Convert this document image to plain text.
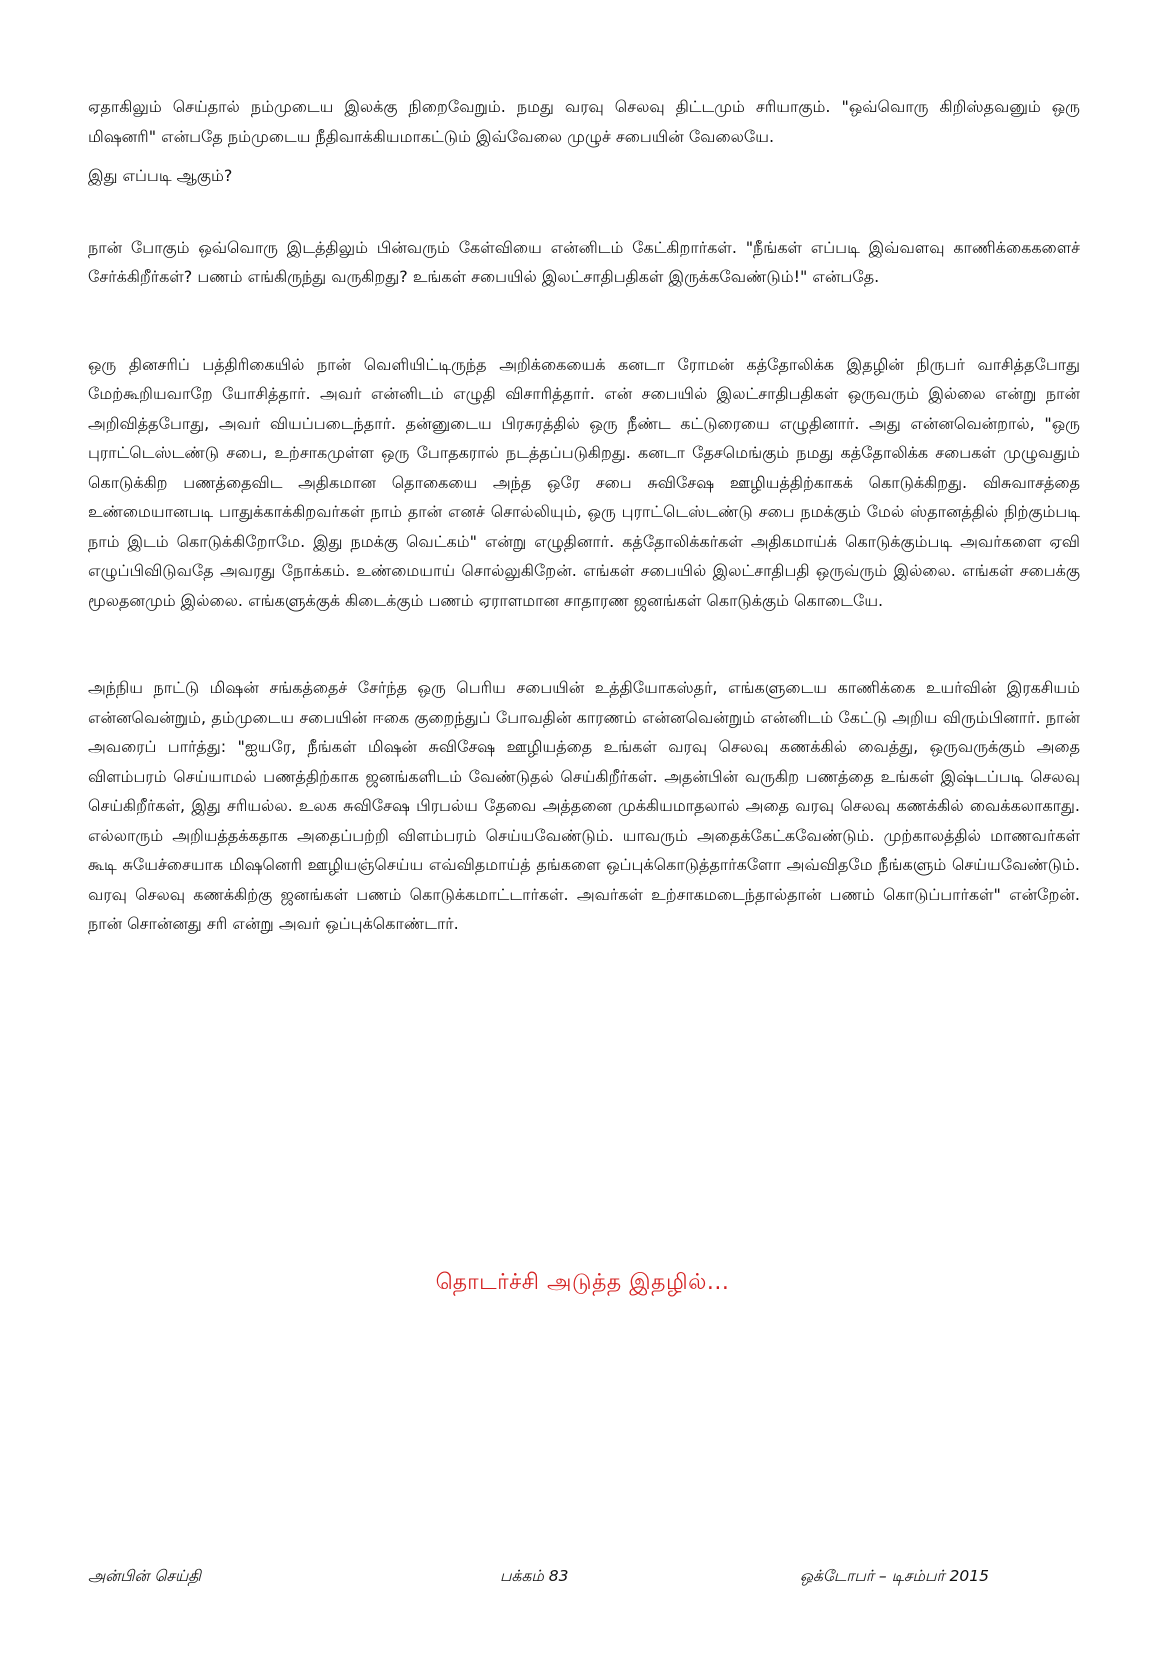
ஏதாகிலும் செய்தால் நம்முடைய இலக்கு நிறைவேறும். நமது வரவு செலவு திட்டமும் சரியாகும். "ஒவ்வொரு கிறிஸ்தவனும் ஒரு மிஷனரி" என்பதே நம்முடைய நீதிவாக்கியமாகட்டும் இவ்வேலை முழுச் சபையின் வேலையே.

இது எப்படி ஆகும்?

நான் போகும் ஒவ்வொரு இடத்திலும் பின்வரும் கேள்வியை என்னிடம் கேட்கிறார்கள். "நீங்கள் எப்படி இவ்வளவு காணிக்கைகளைச் சேர்க்கிறீர்கள்? பணம் எங்கிருந்து வருகிறது? உங்கள் சபையில் இலட்சாதிபதிகள் இருக்கவேண்டும்!" என்பதே.

ஒரு தினசரிப் பத்திரிகையில் நான் வெளியிட்டிருந்த அறிக்கையைக் கனடா ரோமன் கத்தோலிக்க இதழின் நிருபர் வாசித்தபோது மேற்கூறியவாறே யோசித்தார். அவர் என்னிடம் எழுதி விசாரித்தார். என் சபையில் இலட்சாதிபதிகள் ஒருவரும் இல்லை என்று நான் அறிவித்தபோது, அவர் வியப்படைந்தார். தன்னுடைய பிரசுரத்தில் ஒரு நீண்ட கட்டுரையை எழுதினார். அது என்னவென்றால், "ஒரு புராட்டெஸ்டண்டு சபை, உற்சாகமுள்ள ஒரு போதகரால் நடத்தப்படுகிறது. கனடா தேசமெங்கும் நமது கத்தோலிக்க சபைகள் முழுவதும் கொடுக்கிற பணத்தைவிட அதிகமான தொகையை அந்த ஒரே சபை சுவிசேஷ ஊழியத்திற்காகக் கொடுக்கிறது. விசுவாசத்தை உண்மையானபடி பாதுக்காக்கிறவர்கள் நாம் தான் எனச் சொல்லியும், ஒரு புராட்டெஸ்டண்டு சபை நமக்கும் மேல் ஸ்தானத்தில் நிற்கும்படி நாம் இடம் கொடுக்கிறோமே. இது நமக்கு வெட்கம்" என்று எழுதினார். கத்தோலிக்கர்கள் அதிகமாய்க் கொடுக்கும்படி அவர்களை ஏவி எழுப்பிவிடுவதே அவரது நோக்கம். உண்மையாய் சொல்லுகிறேன். எங்கள் சபையில் இலட்சாதிபதி ஒருவ்ரும் இல்லை. எங்கள் சபைக்கு மூலதனமும் இல்லை. எங்களுக்குக் கிடைக்கும் பணம் ஏராளமான சாதாரண ஜனங்கள் கொடுக்கும் கொடையே.

அந்நிய நாட்டு மிஷன் சங்கத்தைச் சேர்ந்த ஒரு பெரிய சபையின் உத்தியோகஸ்தர், எங்களுடைய காணிக்கை உயர்வின் இரகசியம் என்னவென்றும், தம்முடைய சபையின் ஈகை குறைந்துப் போவதின் காரணம் என்னவென்றும் என்னிடம் கேட்டு அறிய விரும்பினார். நான் அவரைப் பார்த்து: "ஐயரே, நீங்கள் மிஷன் சுவிசேஷ ஊழியத்தை உங்கள் வரவு செலவு கணக்கில் வைத்து, ஒருவருக்கும் அதை விளம்பரம் செய்யாமல் பணத்திற்காக ஜனங்களிடம் வேண்டுதல் செய்கிறீர்கள். அதன்பின் வருகிற பணத்தை உங்கள் இஷ்டப்படி செலவு செய்கிறீர்கள், இது சரியல்ல. உலக சுவிசேஷ பிரபல்ய தேவை அத்தனை முக்கியமாதலால் அதை வரவு செலவு கணக்கில் வைக்கலாகாது. எல்லாரும் அறியத்தக்கதாக அதைப்பற்றி விளம்பரம் செய்யவேண்டும். யாவரும் அதைக்கேட்கவேண்டும். முற்காலத்தில் மாணவர்கள் கூடி சுயேச்சையாக மிஷனெரி ஊழியஞ்செய்ய எவ்விதமாய்த் தங்களை ஒப்புக்கொடுத்தார்களோ அவ்விதமே நீங்களும் செய்யவேண்டும். வரவு செலவு கணக்கிற்கு ஜனங்கள் பணம் கொடுக்கமாட்டார்கள். அவர்கள் உற்சாகமடைந்தால்தான் பணம் கொடுப்பார்கள்" என்றேன். நான் சொன்னது சரி என்று அவர் ஒப்புக்கொண்டார்.

தொடர்ச்சி அடுத்த இதழில்...
அன்பின் செய்தி	பக்கம் 83	ஒக்டோபர் – டிசம்பர் 2015
